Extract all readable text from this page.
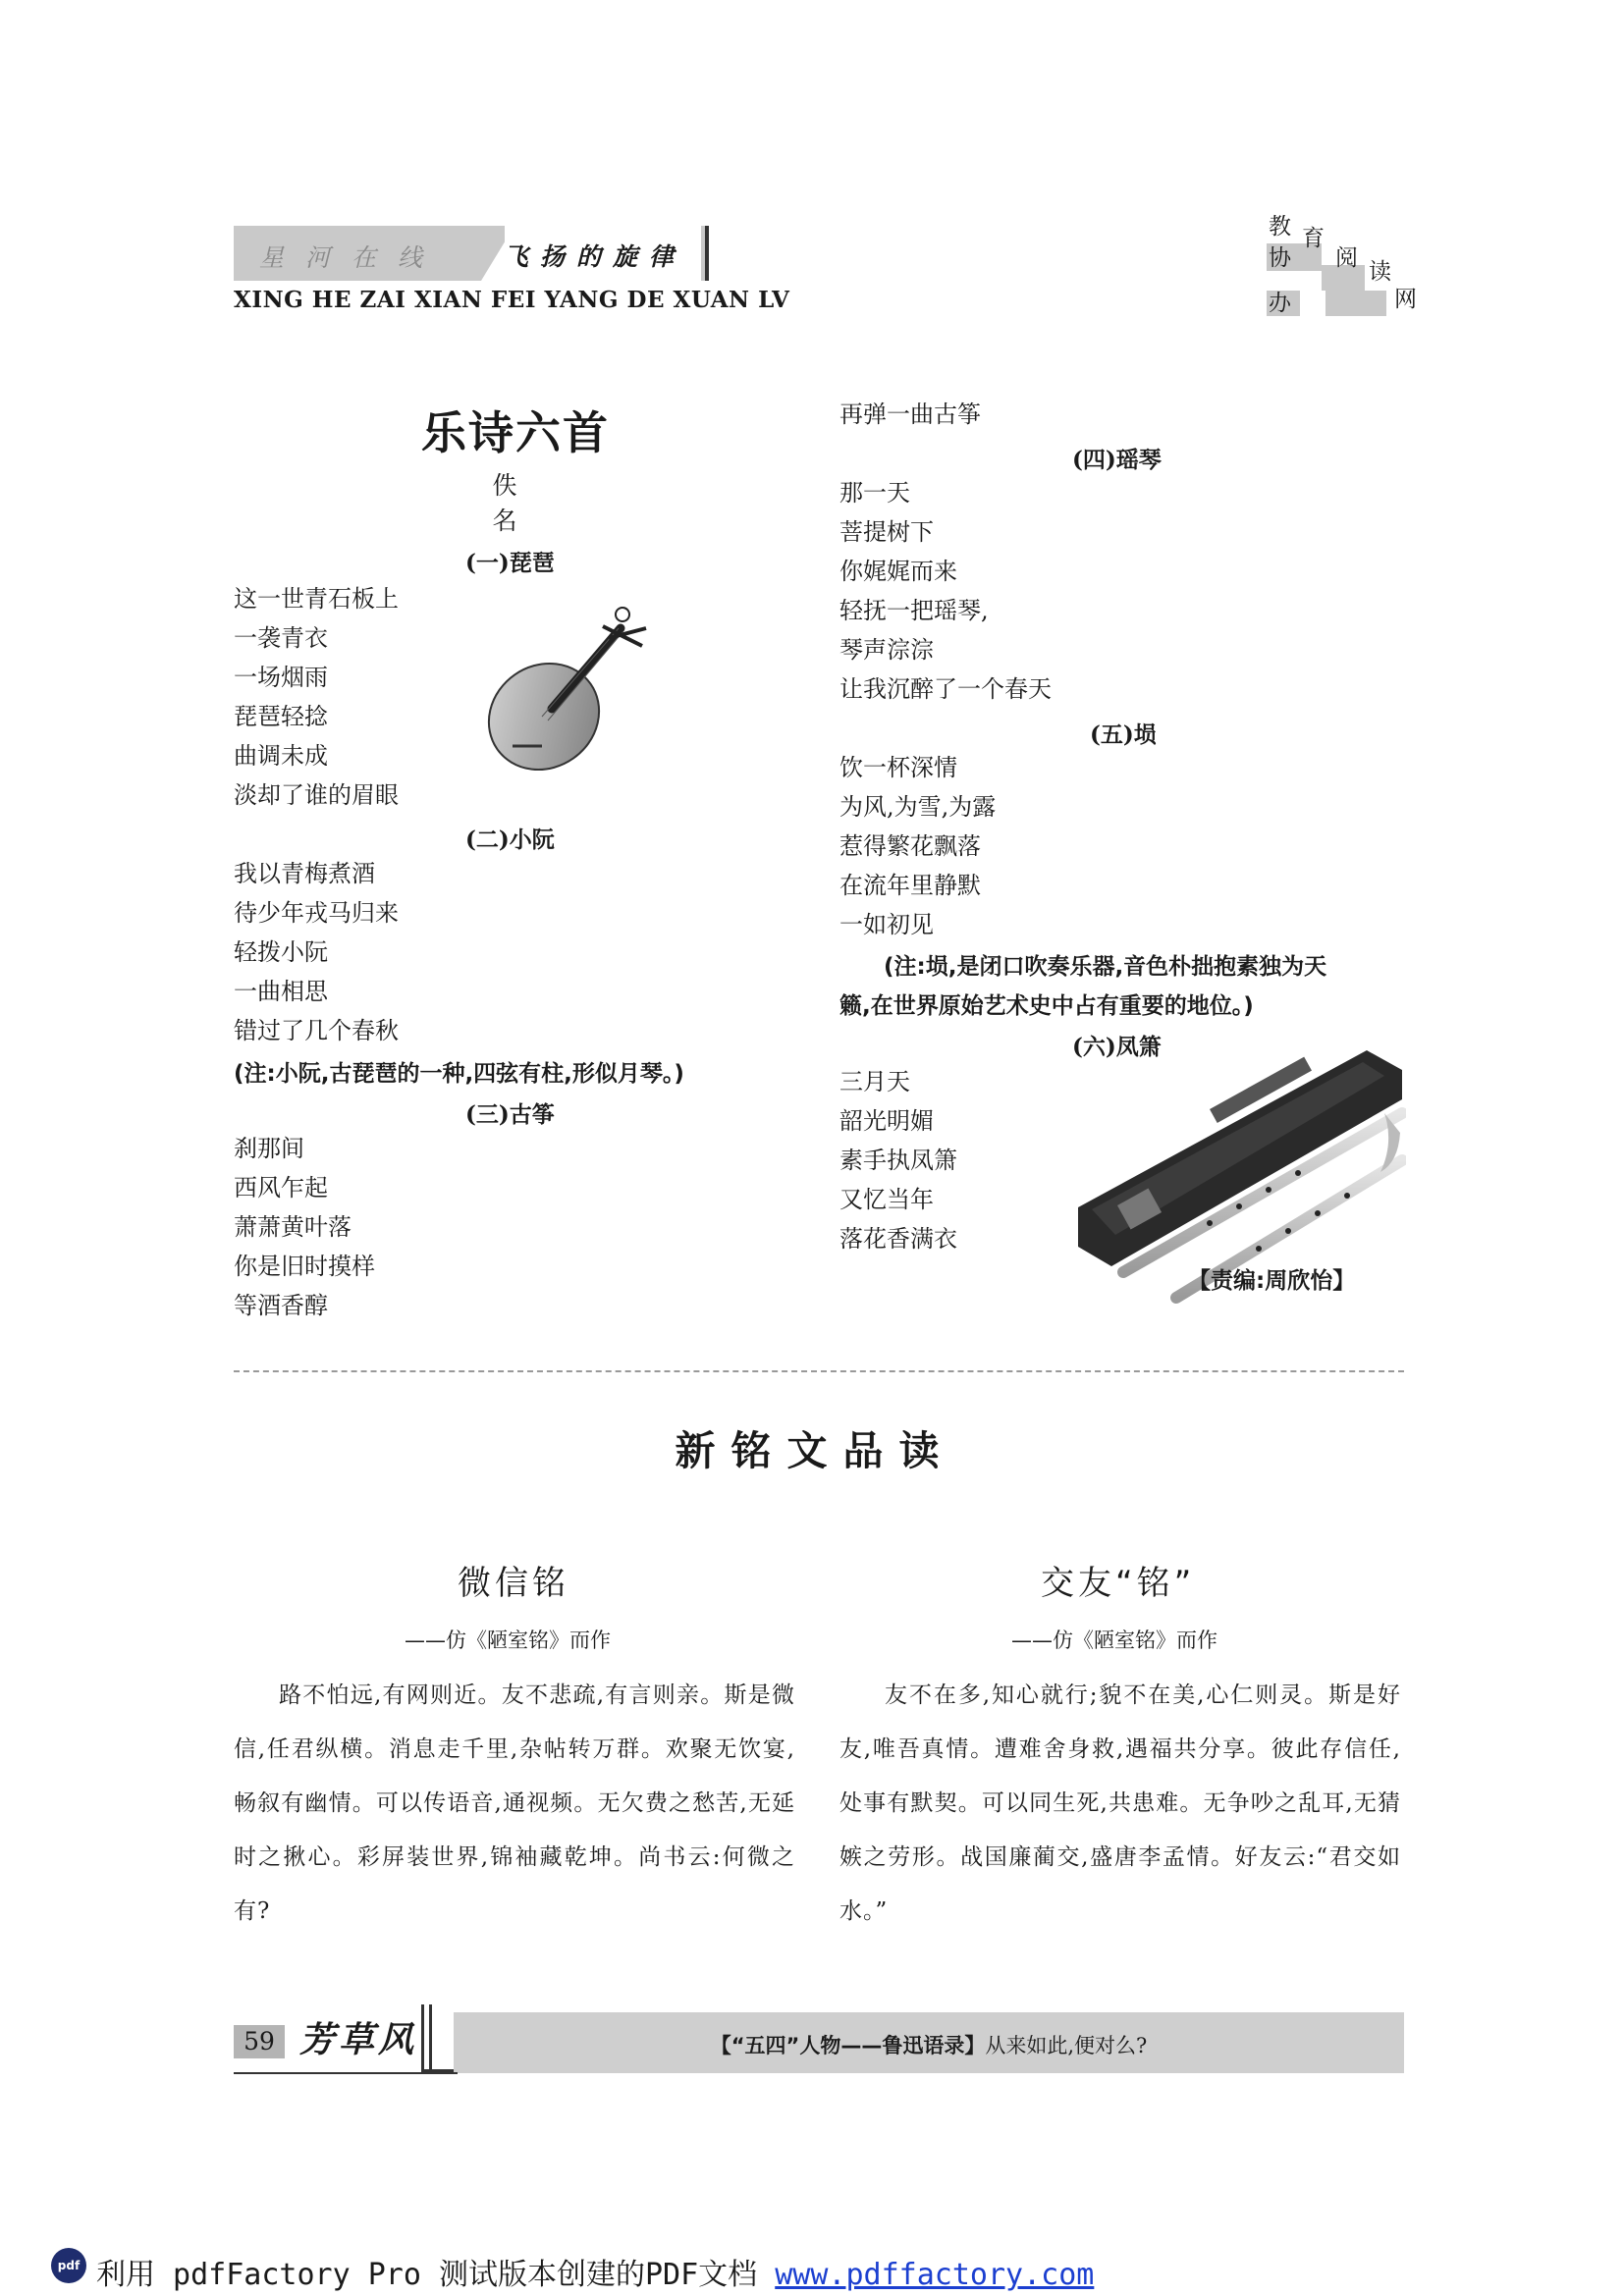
星河在线 飞扬的旋律
XING HE ZAI XIAN FEI YANG DE XUAN LV
教 育
协 阅
读
办	网
乐诗六首
佚 名
(一)琵琶
这一世青石板上
一袭青衣
一场烟雨
琵琶轻捻
曲调未成
淡却了谁的眉眼
(二)小阮
我以青梅煮酒
待少年戎马归来
轻拨小阮
一曲相思
错过了几个春秋
(注:小阮,古琵琶的一种,四弦有柱,形似月琴。)
(三)古筝
刹那间
西风乍起
萧萧黄叶落
你是旧时摸样
等酒香醇
再弹一曲古筝
(四)瑶琴
那一天
菩提树下
你娓娓而来
轻抚一把瑶琴,
琴声淙淙
让我沉醉了一个春天
(五)埙
饮一杯深情
为风,为雪,为露
惹得繁花飘落
在流年里静默
一如初见
(注:埙,是闭口吹奏乐器,音色朴拙抱素独为天
籁,在世界原始艺术史中占有重要的地位。)
(六)凤箫
三月天
韶光明媚
素手执凤箫
又忆当年
落花香满衣
【责编:周欣怡】
新铭文品读
微信铭
——仿《陋室铭》而作
路不怕远,有网则近。友不悲疏,有言则亲。斯是微信,任君纵横。消息走千里,杂帖转万群。欢聚无饮宴,畅叙有幽情。可以传语音,通视频。无欠费之愁苦,无延时之揪心。彩屏装世界,锦袖藏乾坤。尚书云:何微之有?
交友“铭”
——仿《陋室铭》而作
友不在多,知心就行;貌不在美,心仁则灵。斯是好友,唯吾真情。遭难舍身救,遇福共分享。彼此存信任,处事有默契。可以同生死,共患难。无争吵之乱耳,无猜嫉之劳形。战国廉蔺交,盛唐李孟情。好友云:“君交如水。”
59 芳草风	【“五四”人物——鲁迅语录】从来如此,便对么?
pdf 利用 pdfFactory Pro 测试版本创建的PDF文档 www.pdffactory.com
